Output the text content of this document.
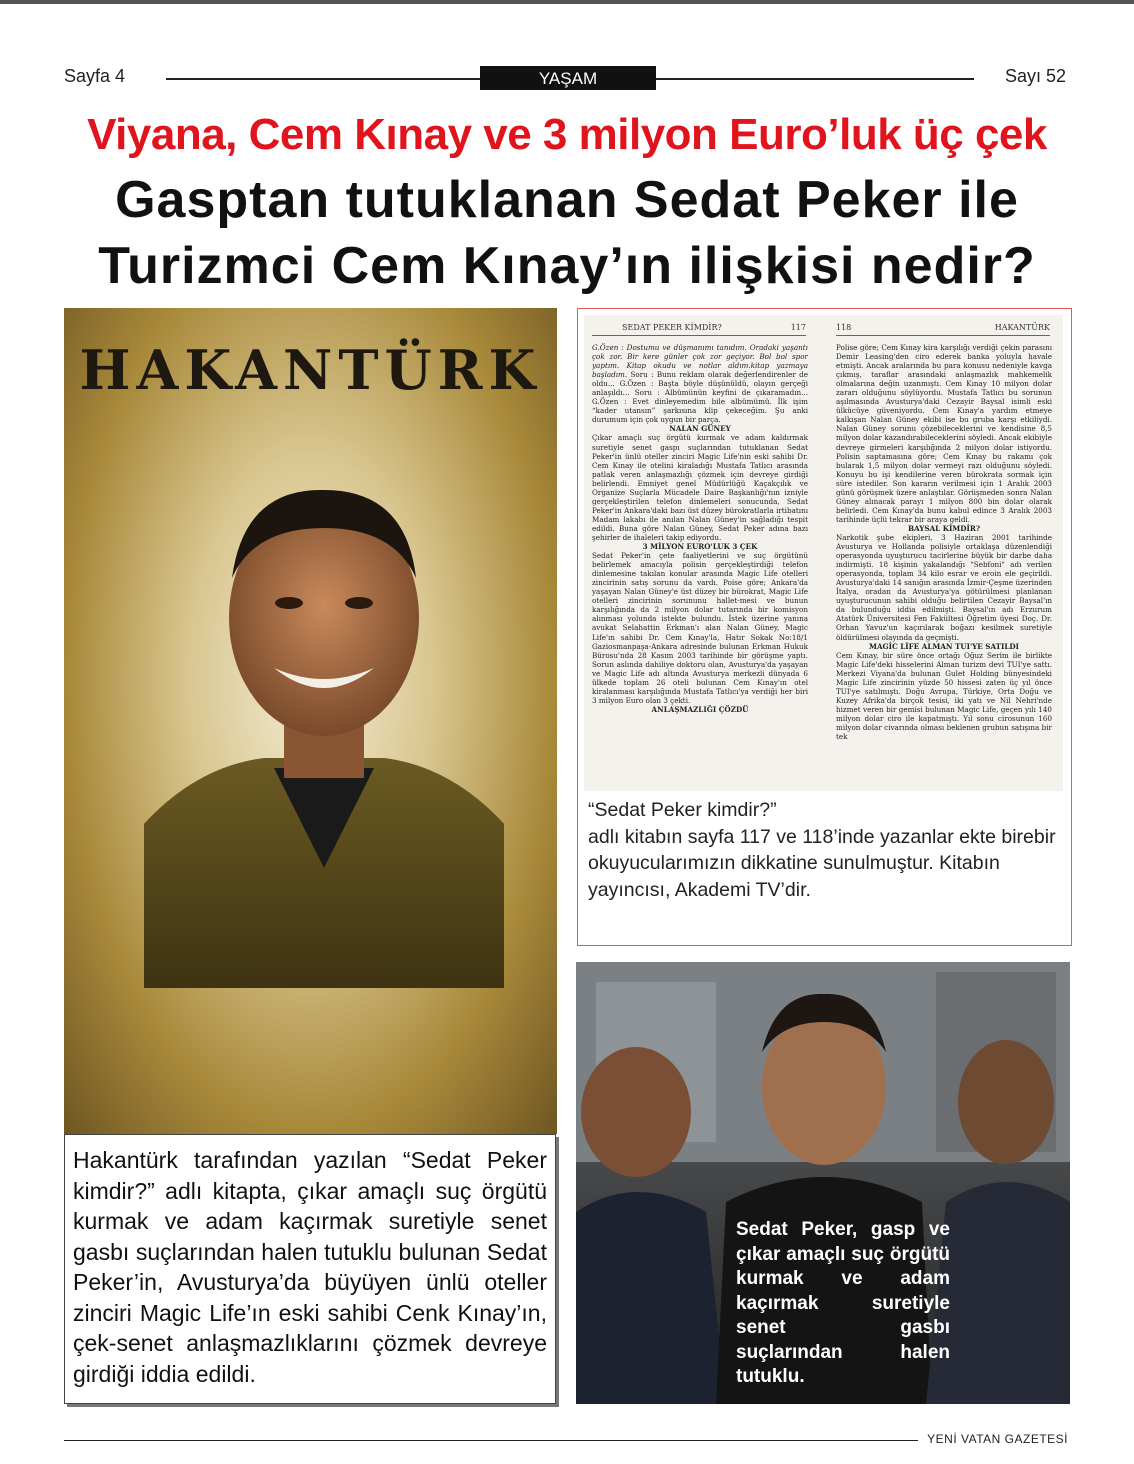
Sayfa 4	YAŞAM	Sayı 52
Viyana, Cem Kınay ve 3 milyon Euro’luk üç çek
Gasptan tutuklanan Sedat Peker ile
Turizmci Cem Kınay’ın ilişkisi nedir?
HAKANTÜRK

Hakantürk tarafından yazılan “Sedat Peker kimdir?” adlı kitapta, çıkar amaçlı suç örgütü kurmak ve adam kaçırmak suretiyle senet gasbı suçlarından halen tutuklu bulunan Sedat Peker’in, Avusturya’da büyüyen ünlü oteller zinciri Magic Life’ın eski sahibi Cenk Kınay’ın, çek-senet anlaşmazlıklarını çözmek devreye girdiği iddia edildi.

SEDAT PEKER KİMDİR?	117
G.Özen : Dostumu ve düşmanımı tanıdım. Oradaki yaşantı çok zor. Bir kere günler çok zor geçiyor. Bol bol spor yaptım. Kitap okudu ve notlar aldım.kitap yazmaya başladım. Soru : Bunu reklam olarak değerlendirenler de oldu... G.Özen : Başta böyle düşünüldü, olayın gerçeği anlaşıldı... Soru : Albümünün keyfini de çıkaramadın... G.Özen : Evet dinleyemedim bile albümümü. İlk işim “kader utansın” şarkısına klip çekeceğim. Şu anki durumum için çok uygun bir parça.
NALAN GÜNEY
Çıkar amaçlı suç örgütü kurmak ve adam kaldırmak suretiyle senet gaspı suçlarından tutuklanan Sedat Peker'in ünlü oteller zinciri Magic Life'nin eski sahibi Dr. Cem Kınay ile otelini kiraladığı Mustafa Tatlıcı arasında patlak veren anlaşmazlığı çözmek için devreye girdiği belirlendi. Emniyet genel Müdürlüğü Kaçakçılık ve Organize Suçlarla Mücadele Daire Başkanlığı'nın izniyle gerçekleştirilen telefon dinlemeleri sonucunda, Sedat Peker'in Ankara'daki bazı üst düzey bürokratlarla irtibatını Madam lakabı ile anılan Nalan Güney'in sağladığı tespit edildi. Buna göre Nalan Güney, Sedat Peker adına bazı şehirler de ihaleleri takip ediyordu.
3 MİLYON EURO'LUK 3 ÇEK
Sedat Peker'in çete faaliyetlerini ve suç örgütünü belirlemek amacıyla polisin gerçekleştirdiği telefon dinlemesine takılan konular arasında Magic Life otelleri zincirinin satış sorunu da vardı. Poise göre; Ankara'da yaşayan Nalan Güney'e üst düzey bir bürokrat, Magic Life otelleri zincirinin sorununu hallet-mesi ve bunun karşılığında da 2 milyon dolar tutarında bir komisyon alınması yolunda istekte bulundu. İstek üzerine yanına avukat Selahattin Erkman'ı alan Nalan Güney, Magic Life'ın sahibi Dr. Cem Kınay'la, Hatır Sokak No:18/1 Gaziosmanpaşa-Ankara adresinde bulunan Erkman Hukuk Bürosu'nda 28 Kasım 2003 tarihinde bir görüşme yaptı. Sorun aslında dahiliye doktoru olan, Avusturya'da yaşayan ve Magic Life adı altında Avusturya merkezli dünyada 6 ülkede toplam 26 oteli bulunan Cem Kınay'ın otel kiralanması karşılığında Mustafa Tatlıcı'ya verdiği her biri 3 milyon Euro olan 3 çekti.
ANLAŞMAZLIĞI ÇÖZDÜ
118	HAKANTÜRK
Polise göre; Cem Kınay kira karşılığı verdiği çekin parasını Demir Leasing'den ciro ederek banka yoluyla havale etmişti. Ancak aralarında bu para konusu nedeniyle kavga çıkmış, taraflar arasındaki anlaşmazlık mahkemelik olmalarına değin uzanmıştı. Cem Kınay 10 milyon dolar zararı olduğunu söylüyordu. Mustafa Tatlıcı bu sorunun aşılmasında Avusturya'daki Cezayir Baysal isimli eski ülkücüye güveniyordu. Cem Kınay'a yardım etmeye kalkışan Nalan Güney ekibi ise bu gruba karşı etkiliydi. Nalan Güney sorunu çözebileceklerini ve kendisine 8,5 milyon dolar kazandırabileceklerini söyledi. Ancak ekibiyle devreye girmeleri karşılığında 2 milyon dolar istiyordu. Polisin saptamasına göre; Cem Kınay bu rakamı çok bularak 1,5 milyon dolar vermeyi razı olduğunu söyledi. Konuyu bu işi kendilerine veren bürokrata sormak için süre istediler. Son kararın verilmesi için 1 Aralık 2003 günü görüşmek üzere anlaştılar. Görüşmeden sonra Nalan Güney alınacak parayı 1 milyon 800 bin dolar olarak belirledi. Cem Kınay'da bunu kabul edince 3 Aralık 2003 tarihinde üçlü tekrar bir araya geldi.
BAYSAL KİMDİR?
Narkotik şube ekipleri, 3 Haziran 2001 tarihinde Avusturya ve Hollanda polisiyle ortaklaşa düzenlendiği operasyonda uyuşturucu tacirlerine büyük bir darbe daha indirmişti. 18 kişinin yakalandığı "Sebfoni" adı verilen operasyonda, toplam 34 kilo esrar ve eroin ele geçirildi. Avusturya'daki 14 sanığın arasında İzmir-Çeşme üzerinden İtalya, oradan da Avusturya'ya götürülmesi planlanan uyuşturucunun sahibi olduğu belirtilen Cezayir Baysal'ın da bulunduğu iddia edilmişti. Baysal'ın adı Erzurum Atatürk Üniversitesi Fen Fakültesi Öğretim üyesi Doç. Dr. Orhan Yavuz'un kaçırılarak boğazı kesilmek suretiyle öldürülmesi olayında da geçmişti.
MAGİC LİFE ALMAN TUI'YE SATILDI
Cem Kınay, bir süre önce ortağı Oğuz Serim ile birlikte Magic Life'deki hisselerini Alman turizm devi TUI'ye sattı. Merkezi Viyana'da bulunan Gulet Holding bünyesindeki Magic Life zincirinin yüzde 50 hissesi zaten üç yıl önce TUI'ye satılmıştı. Doğu Avrupa, Türkiye, Orta Doğu ve Kuzey Afrika'da birçok tesisi, iki yatı ve Nil Nehri'nde hizmet veren bir gemisi bulunan Magic Life, geçen yılı 140 milyon dolar ciro ile kapatmıştı. Yıl sonu cirosunun 160 milyon dolar civarında olması beklenen grubun satışına bir tek
“Sedat Peker kimdir?”
adlı kitabın sayfa 117 ve 118’inde yazanlar ekte birebir okuyucularımızın dikkatine sunulmuştur. Kitabın yayıncısı, Akademi TV’dir.
Sedat Peker, gasp ve çıkar amaçlı suç örgütü kurmak ve adam kaçırmak suretiyle senet gasbı suçlarından halen tutuklu.
YENİ VATAN GAZETESİ
